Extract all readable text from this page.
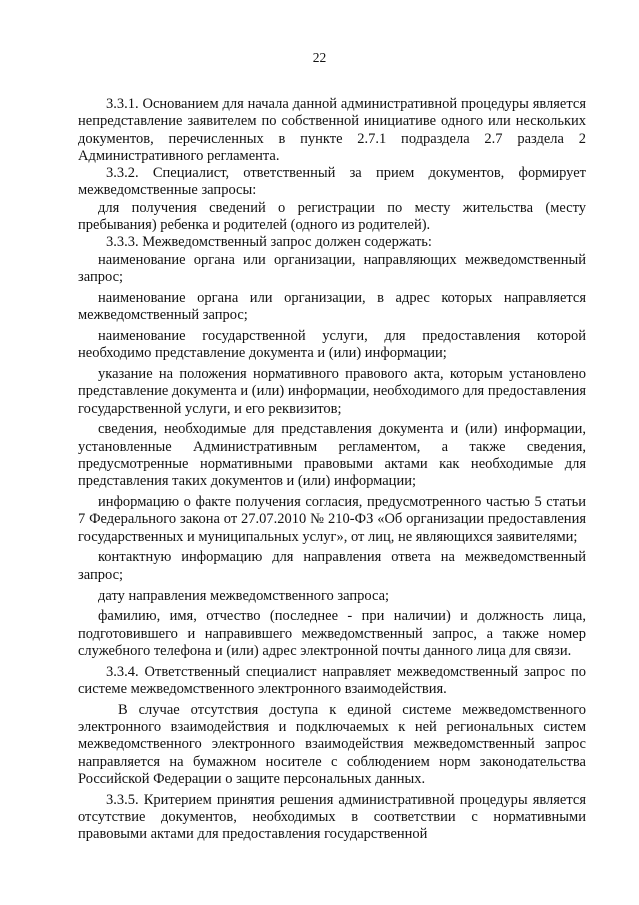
22

3.3.1. Основанием для начала данной административной процедуры является непредставление заявителем по собственной инициативе одного или нескольких документов, перечисленных в пункте 2.7.1 подраздела 2.7 раздела 2 Административного регламента.

3.3.2. Специалист, ответственный за прием документов, формирует межведомственные запросы:

для получения сведений о регистрации по месту жительства (месту пребывания) ребенка и родителей (одного из родителей).

3.3.3. Межведомственный запрос должен содержать:

наименование органа или организации, направляющих межведомственный запрос;

наименование органа или организации, в адрес которых направляется межведомственный запрос;

наименование государственной услуги, для предоставления которой необходимо представление документа и (или) информации;

указание на положения нормативного правового акта, которым установлено представление документа и (или) информации, необходимого для предоставления государственной услуги, и его реквизитов;

сведения, необходимые для представления документа и (или) информации, установленные Административным регламентом, а также сведения, предусмотренные нормативными правовыми актами как необходимые для представления таких документов и (или) информации;

информацию о факте получения согласия, предусмотренного частью 5 статьи 7 Федерального закона от 27.07.2010 № 210-ФЗ «Об организации предоставления государственных и муниципальных услуг», от лиц, не являющихся заявителями;

контактную информацию для направления ответа на межведомственный запрос;

дату направления межведомственного запроса;

фамилию, имя, отчество (последнее - при наличии) и должность лица, подготовившего и направившего межведомственный запрос, а также номер служебного телефона и (или) адрес электронной почты данного лица для связи.

3.3.4. Ответственный специалист направляет межведомственный запрос по системе межведомственного электронного взаимодействия.

В случае отсутствия доступа к единой системе межведомственного электронного взаимодействия и подключаемых к ней региональных систем межведомственного электронного взаимодействия межведомственный запрос направляется на бумажном носителе с соблюдением норм законодательства Российской Федерации о защите персональных данных.

3.3.5. Критерием принятия решения административной процедуры является отсутствие документов, необходимых в соответствии с нормативными правовыми актами для предоставления государственной
